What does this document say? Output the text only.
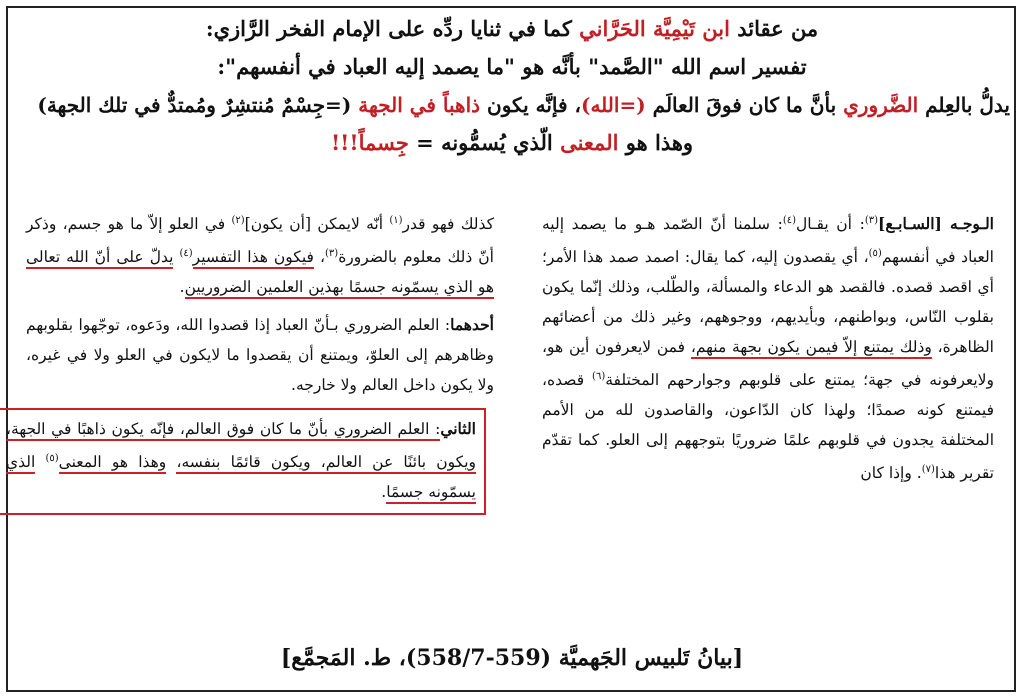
من عقائد ابن تَيْمِيَّة الحَرَّاني كما في ثنايا ردِّه على الإمام الفخر الرَّازي:

تفسير اسم الله "الصَّمد" بأنَّه هو "ما يصمد إليه العباد في أنفسهم":

يدلُّ بالعِلم الضَّروري بأنَّ ما كان فوقَ العالَم (=الله)، فإنَّه يكون ذاهباً في الجهة (=جِسْمٌ مُنتشِرٌ ومُمتدٌّ في تلك الجهة)

وهذا هو المعنى الّذي يُسمُّونه = جِسماً!!!

الـوجـه [السـابـع]$^{(٣)}$: أن يقـال$^{(٤)}$: سلمنا أنّ الصّمد هـو ما يصمد إليه العباد في أنفسهم$^{(٥)}$، أي يقصدون إليه، كما يقال: اصمد صمد هذا الأمر؛ أي اقصد قصده. فالقصد هو الدعاء والمسألة، والطّلب، وذلك إنّما يكون بقلوب النّاس، وبواطنهم، وبأيديهم، ووجوههم، وغير ذلك من أعضائهم الظاهرة، وذلك يمتنع إلاّ فيمن يكون بجهة منهم، فمن لايعرفون أين هو، ولايعرفونه في جهة؛ يمتنع على قلوبهم وجوارحهم المختلفة$^{(٦)}$ قصده، فيمتنع كونه صمدًا؛ ولهذا كان الدّاعون، والقاصدون لله من الأمم المختلفة يجدون في قلوبهم علمًا ضروريًا بتوجههم إلى العلو. كما تقدّم تقرير هذا$^{(٧)}$. وإذا كان

كذلك فهو قدر$^{(١)}$ أنّه لايمكن [أن يكون]$^{(٢)}$ في العلو إلاّ ما هو جسم، وذكر أنّ ذلك معلوم بالضرورة$^{(٣)}$، فيكون هذا التفسير$^{(٤)}$ يدلّ على أنّ الله تعالى هو الذي يسمّونه جسمًا بهذين العلمين الضروريين.

أحدهما: العلم الضروري بـأنّ العباد إذا قصدوا الله، ودَعوه، توجّهوا بقلوبهم وظاهرهم إلى العلوّ، ويمتنع أن يقصدوا ما لايكون في العلو ولا في غيره، ولا يكون داخل العالم ولا خارجه.

الثاني: العلم الضروري بأنّ ما كان فوق العالم، فإنّه يكون ذاهبًا في الجهة، ويكون بائنًا عن العالم، ويكون قائمًا بنفسه، وهذا هو المعنى$^{(٥)}$ الذي يسمّونه جسمًا.

[بيانُ تَلبيس الجَهميَّة (559-558/7)، ط. المَجمَّع]
